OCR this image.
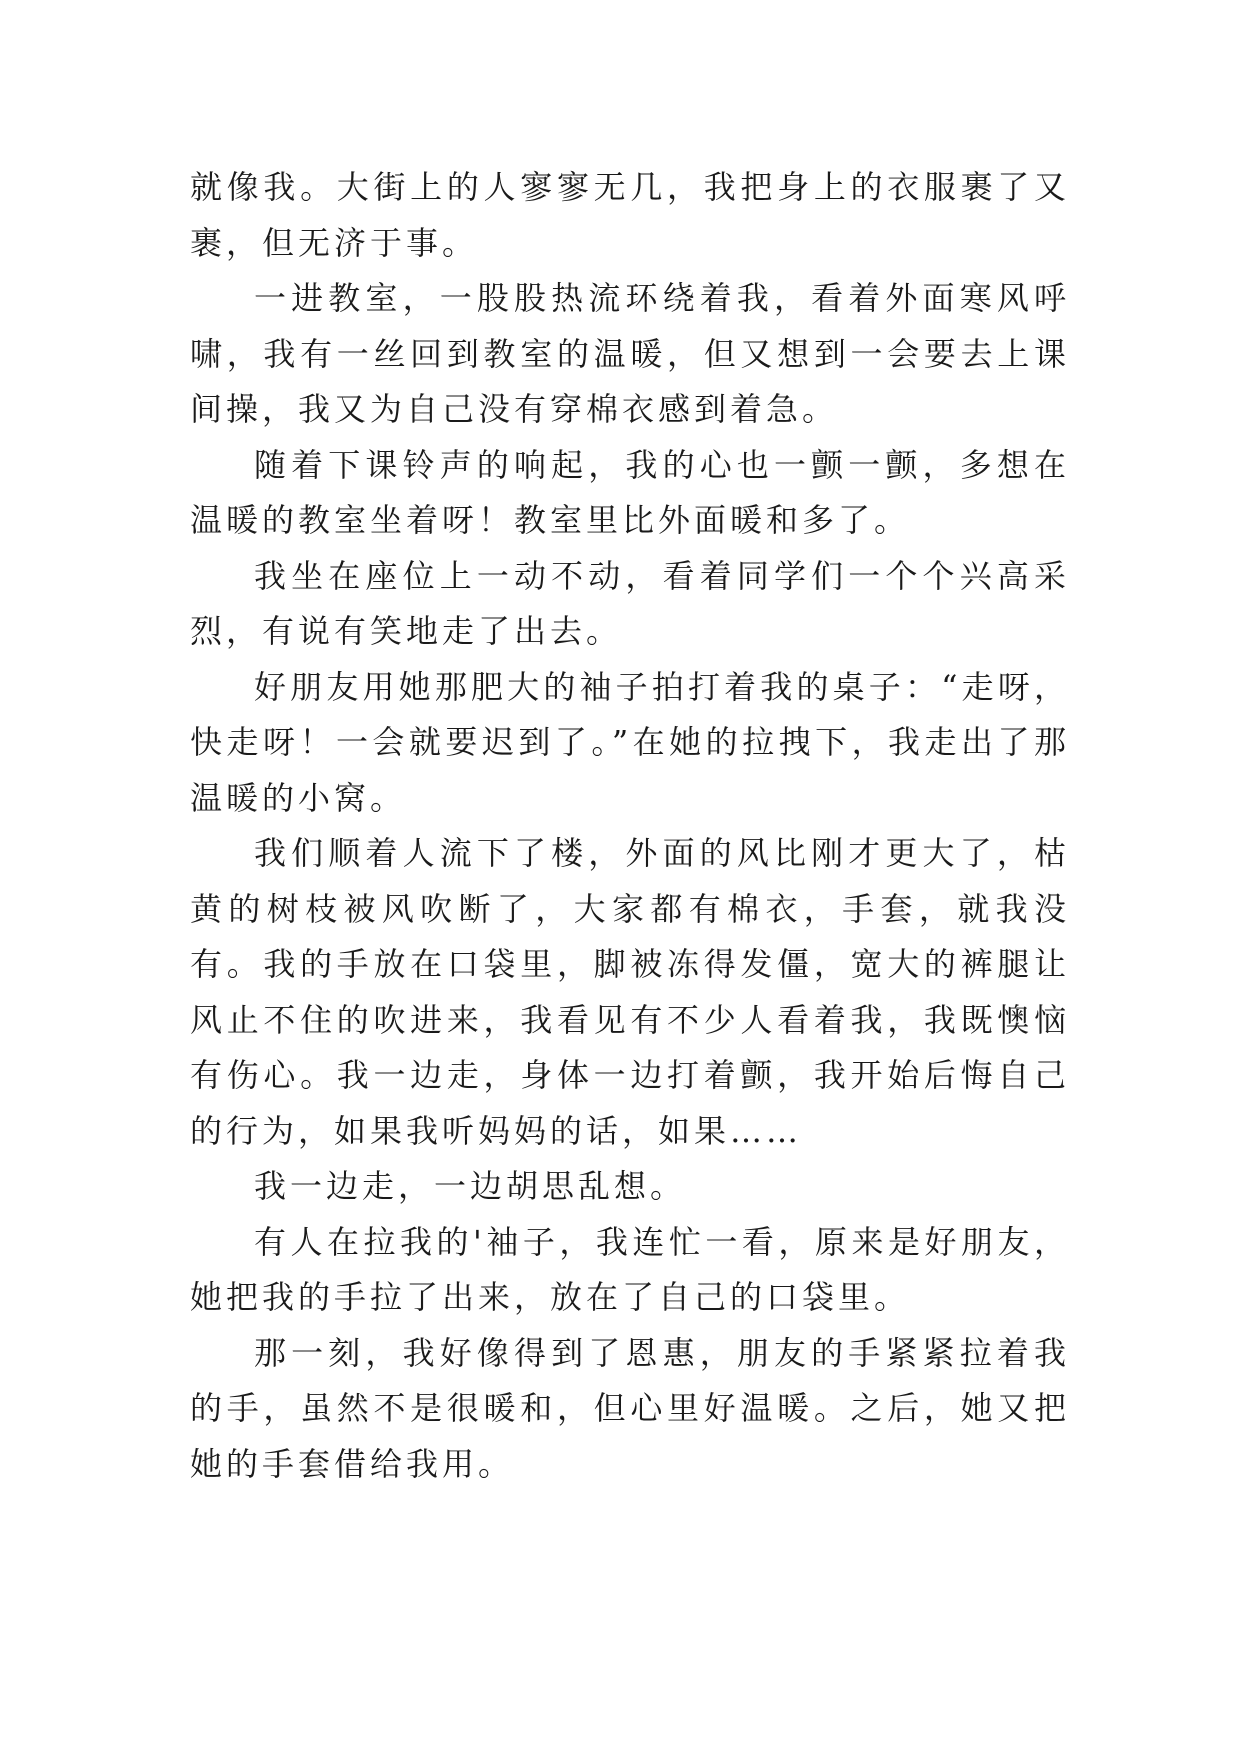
就像我。大街上的人寥寥无几，我把身上的衣服裹了又裹，但无济于事。

一进教室，一股股热流环绕着我，看着外面寒风呼啸，我有一丝回到教室的温暖，但又想到一会要去上课间操，我又为自己没有穿棉衣感到着急。

随着下课铃声的响起，我的心也一颤一颤，多想在温暖的教室坐着呀！教室里比外面暖和多了。

我坐在座位上一动不动，看着同学们一个个兴高采烈，有说有笑地走了出去。

好朋友用她那肥大的袖子拍打着我的桌子：“走呀，快走呀！一会就要迟到了。”在她的拉拽下，我走出了那温暖的小窝。

我们顺着人流下了楼，外面的风比刚才更大了，枯黄的树枝被风吹断了，大家都有棉衣，手套，就我没有。我的手放在口袋里，脚被冻得发僵，宽大的裤腿让风止不住的吹进来，我看见有不少人看着我，我既懊恼有伤心。我一边走，身体一边打着颤，我开始后悔自己的行为，如果我听妈妈的话，如果……

我一边走，一边胡思乱想。

有人在拉我的'袖子，我连忙一看，原来是好朋友，她把我的手拉了出来，放在了自己的口袋里。

那一刻，我好像得到了恩惠，朋友的手紧紧拉着我的手，虽然不是很暖和，但心里好温暖。之后，她又把她的手套借给我用。
